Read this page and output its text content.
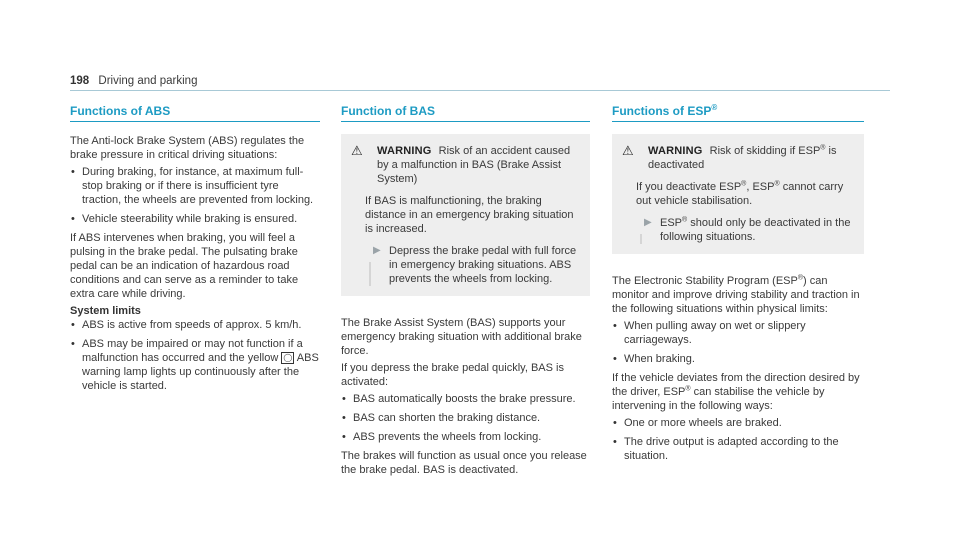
198 Driving and parking
Functions of ABS

The Anti-lock Brake System (ABS) regulates the brake pressure in critical driving situations:

• During braking, for instance, at maximum full-stop braking or if there is insufficient tyre traction, the wheels are prevented from locking.
• Vehicle steerability while braking is ensured.

If ABS intervenes when braking, you will feel a pulsing in the brake pedal. The pulsating brake pedal can be an indication of hazardous road conditions and can serve as a reminder to take extra care while driving.

System limits
• ABS is active from speeds of approx. 5 km/h.
• ABS may be impaired or may not function if a malfunction has occurred and the yellow ◯ ABS warning lamp lights up continuously after the vehicle is started.
Function of BAS
⚠ WARNING Risk of an accident caused by a malfunction in BAS (Brake Assist System)

If BAS is malfunctioning, the braking distance in an emergency braking situation is increased.

▶ Depress the brake pedal with full force in emergency braking situations. ABS prevents the wheels from locking.

The Brake Assist System (BAS) supports your emergency braking situation with additional brake force.

If you depress the brake pedal quickly, BAS is activated:

• BAS automatically boosts the brake pressure.
• BAS can shorten the braking distance.
• ABS prevents the wheels from locking.

The brakes will function as usual once you release the brake pedal. BAS is deactivated.

Functions of ESP®
⚠ WARNING Risk of skidding if ESP® is deactivated

If you deactivate ESP®, ESP® cannot carry out vehicle stabilisation.

▶ ESP® should only be deactivated in the following situations.

The Electronic Stability Program (ESP®) can monitor and improve driving stability and traction in the following situations within physical limits:

• When pulling away on wet or slippery carriageways.
• When braking.

If the vehicle deviates from the direction desired by the driver, ESP® can stabilise the vehicle by intervening in the following ways:

• One or more wheels are braked.
• The drive output is adapted according to the situation.
